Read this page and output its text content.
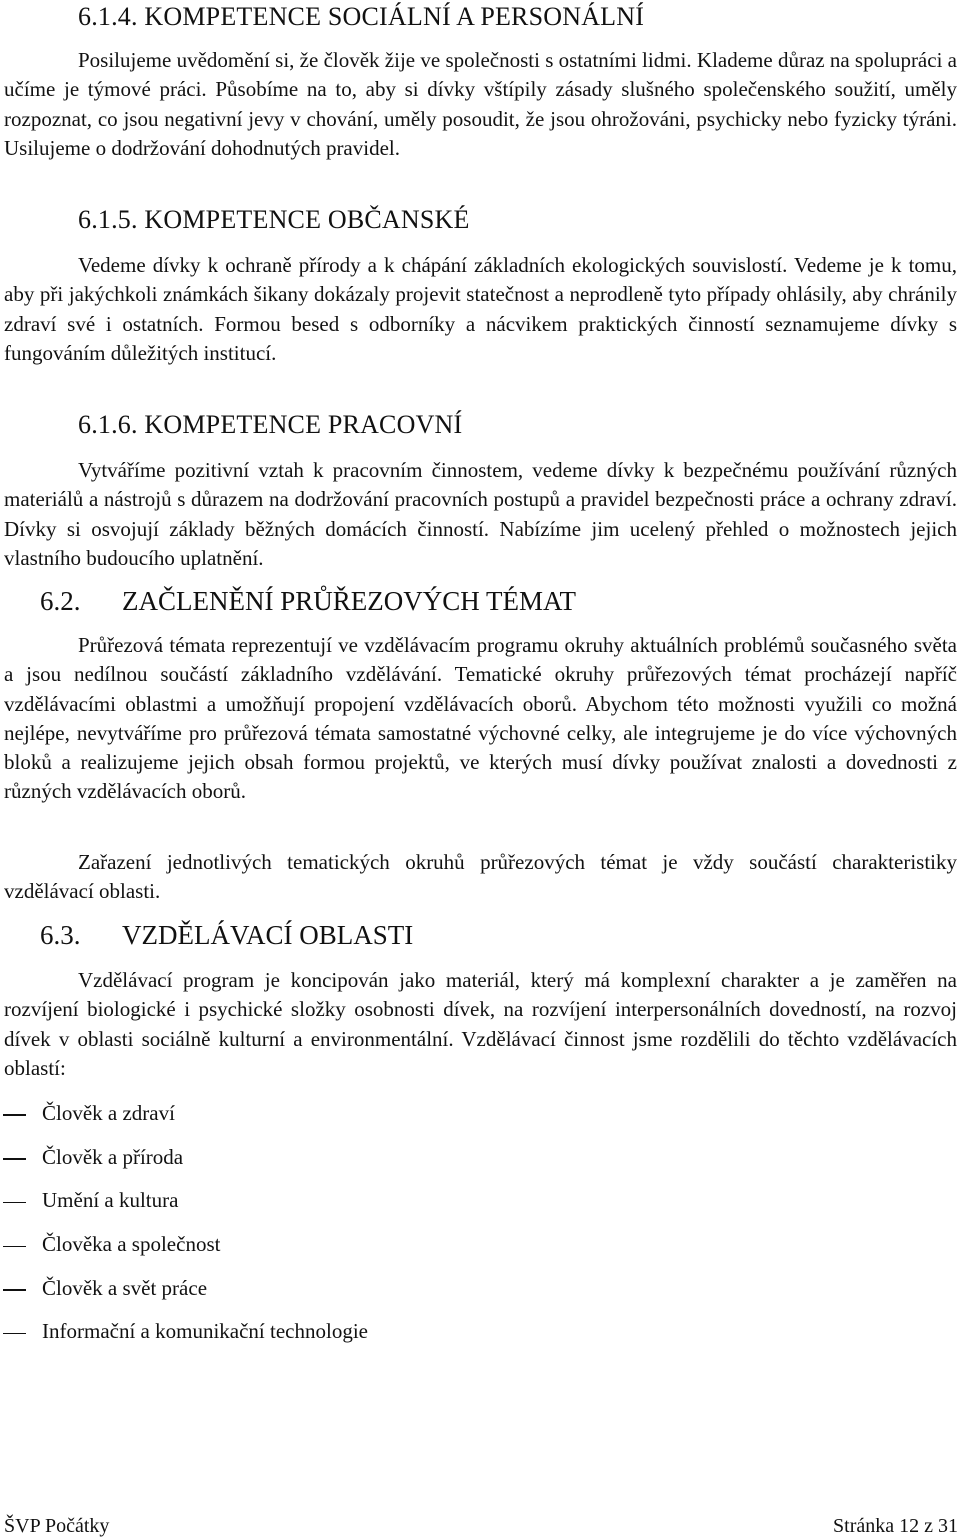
6.1.4. KOMPETENCE SOCIÁLNÍ A PERSONÁLNÍ

Posilujeme uvědomění si, že člověk žije ve společnosti s ostatními lidmi. Klademe důraz na spolupráci a učíme je týmové práci. Působíme na to, aby si dívky vštípily zásady slušného společenského soužití, uměly rozpoznat, co jsou negativní jevy v chování, uměly posoudit, že jsou ohrožováni, psychicky nebo fyzicky týráni. Usilujeme o dodržování dohodnutých pravidel.

6.1.5. KOMPETENCE OBČANSKÉ

Vedeme dívky k ochraně přírody a k chápání základních ekologických souvislostí. Vedeme je k tomu, aby při jakýchkoli známkách šikany dokázaly projevit statečnost a neprodleně tyto případy ohlásily, aby chránily zdraví své i ostatních. Formou besed s odborníky a nácvikem praktických činností seznamujeme dívky s fungováním důležitých institucí.

6.1.6. KOMPETENCE PRACOVNÍ

Vytváříme pozitivní vztah k pracovním činnostem, vedeme dívky k bezpečnému používání různých materiálů a nástrojů s důrazem na dodržování pracovních postupů a pravidel bezpečnosti práce a ochrany zdraví. Dívky si osvojují základy běžných domácích činností. Nabízíme jim ucelený přehled o možnostech jejich vlastního budoucího uplatnění.

6.2. ZAČLENĚNÍ PRŮŘEZOVÝCH TÉMAT

Průřezová témata reprezentují ve vzdělávacím programu okruhy aktuálních problémů současného světa a jsou nedílnou součástí základního vzdělávání. Tematické okruhy průřezových témat procházejí napříč vzdělávacími oblastmi a umožňují propojení vzdělávacích oborů. Abychom této možnosti využili co možná nejlépe, nevytváříme pro průřezová témata samostatné výchovné celky, ale integrujeme je do více výchovných bloků a realizujeme jejich obsah formou projektů, ve kterých musí dívky používat znalosti a dovednosti z různých vzdělávacích oborů.

Zařazení jednotlivých tematických okruhů průřezových témat je vždy součástí charakteristiky vzdělávací oblasti.

6.3. VZDĚLÁVACÍ OBLASTI

Vzdělávací program je koncipován jako materiál, který má komplexní charakter a je zaměřen na rozvíjení biologické i psychické složky osobnosti dívek, na rozvíjení interpersonálních dovedností, na rozvoj dívek v oblasti sociálně kulturní a environmentální. Vzdělávací činnost jsme rozdělili do těchto vzdělávacích oblastí:

Člověk a zdraví
Člověk a příroda
Umění a kultura
Člověka a společnost
Člověk a svět práce
Informační a komunikační technologie
ŠVP Počátky	Stránka 12 z 31
